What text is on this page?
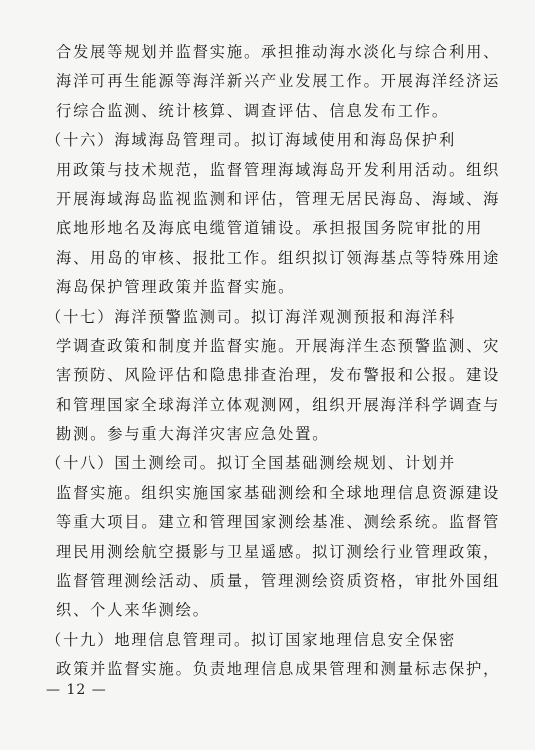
合发展等规划并监督实施。承担推动海水淡化与综合利用、
海洋可再生能源等海洋新兴产业发展工作。开展海洋经济运
行综合监测、统计核算、调查评估、信息发布工作。
（十六）海域海岛管理司。拟订海域使用和海岛保护利
用政策与技术规范，监督管理海域海岛开发利用活动。组织
开展海域海岛监视监测和评估，管理无居民海岛、海域、海
底地形地名及海底电缆管道铺设。承担报国务院审批的用
海、用岛的审核、报批工作。组织拟订领海基点等特殊用途
海岛保护管理政策并监督实施。
（十七）海洋预警监测司。拟订海洋观测预报和海洋科
学调查政策和制度并监督实施。开展海洋生态预警监测、灾
害预防、风险评估和隐患排查治理，发布警报和公报。建设
和管理国家全球海洋立体观测网，组织开展海洋科学调查与
勘测。参与重大海洋灾害应急处置。
（十八）国土测绘司。拟订全国基础测绘规划、计划并
监督实施。组织实施国家基础测绘和全球地理信息资源建设
等重大项目。建立和管理国家测绘基准、测绘系统。监督管
理民用测绘航空摄影与卫星遥感。拟订测绘行业管理政策，
监督管理测绘活动、质量，管理测绘资质资格，审批外国组
织、个人来华测绘。
（十九）地理信息管理司。拟订国家地理信息安全保密
政策并监督实施。负责地理信息成果管理和测量标志保护，
— 12 —
